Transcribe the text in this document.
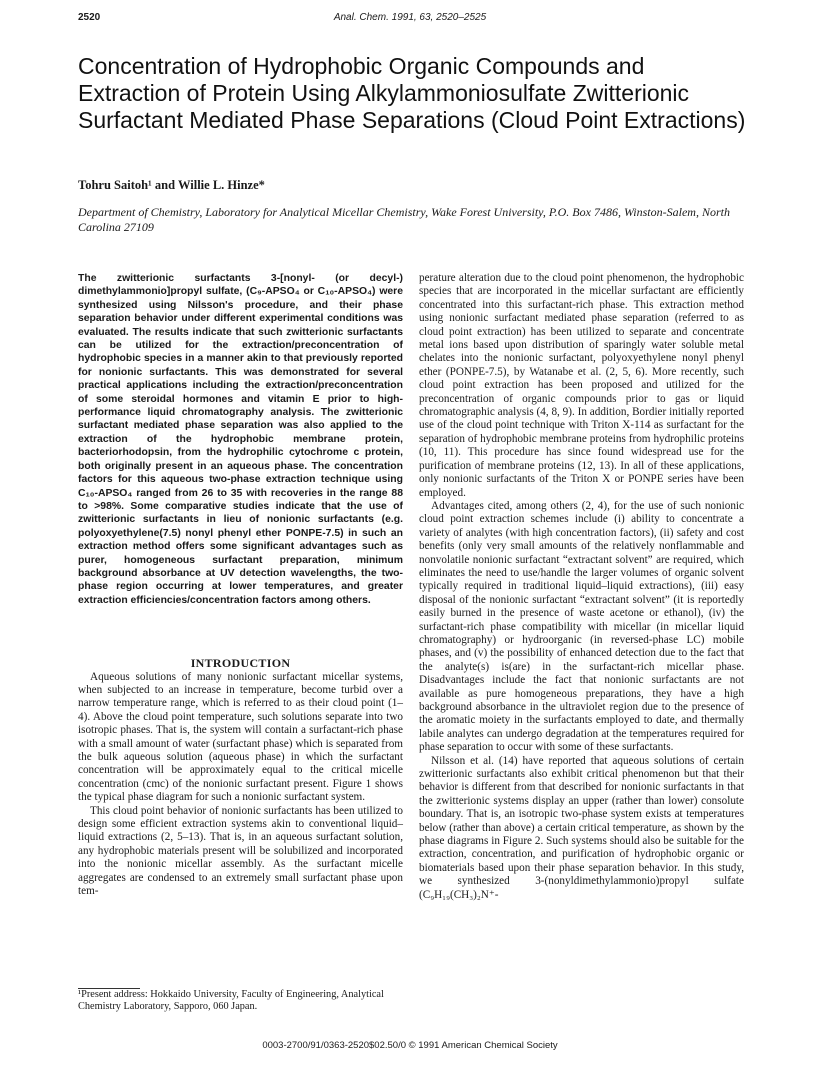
2520	Anal. Chem. 1991, 63, 2520–2525
Concentration of Hydrophobic Organic Compounds and Extraction of Protein Using Alkylammoniosulfate Zwitterionic Surfactant Mediated Phase Separations (Cloud Point Extractions)
Tohru Saitoh¹ and Willie L. Hinze*
Department of Chemistry, Laboratory for Analytical Micellar Chemistry, Wake Forest University, P.O. Box 7486, Winston-Salem, North Carolina 27109

The zwitterionic surfactants 3-[nonyl- (or decyl-) dimethylammonio]propyl sulfate, (C₉-APSO₄ or C₁₀-APSO₄) were synthesized using Nilsson's procedure, and their phase separation behavior under different experimental conditions was evaluated. The results indicate that such zwitterionic surfactants can be utilized for the extraction/preconcentration of hydrophobic species in a manner akin to that previously reported for nonionic surfactants. This was demonstrated for several practical applications including the extraction/preconcentration of some steroidal hormones and vitamin E prior to high-performance liquid chromatography analysis. The zwitterionic surfactant mediated phase separation was also applied to the extraction of the hydrophobic membrane protein, bacteriorhodopsin, from the hydrophilic cytochrome c protein, both originally present in an aqueous phase. The concentration factors for this aqueous two-phase extraction technique using C₁₀-APSO₄ ranged from 26 to 35 with recoveries in the range 88 to >98%. Some comparative studies indicate that the use of zwitterionic surfactants in lieu of nonionic surfactants (e.g. polyoxyethylene(7.5) nonyl phenyl ether PONPE-7.5) in such an extraction method offers some significant advantages such as purer, homogeneous surfactant preparation, minimum background absorbance at UV detection wavelengths, the two-phase region occurring at lower temperatures, and greater extraction efficiencies/concentration factors among others.

INTRODUCTION

Aqueous solutions of many nonionic surfactant micellar systems, when subjected to an increase in temperature, become turbid over a narrow temperature range, which is referred to as their cloud point (1–4). Above the cloud point temperature, such solutions separate into two isotropic phases. That is, the system will contain a surfactant-rich phase with a small amount of water (surfactant phase) which is separated from the bulk aqueous solution (aqueous phase) in which the surfactant concentration will be approximately equal to the critical micelle concentration (cmc) of the nonionic surfactant present. Figure 1 shows the typical phase diagram for such a nonionic surfactant system.

This cloud point behavior of nonionic surfactants has been utilized to design some efficient extraction systems akin to conventional liquid–liquid extractions (2, 5–13). That is, in an aqueous surfactant solution, any hydrophobic materials present will be solubilized and incorporated into the nonionic micellar assembly. As the surfactant micelle aggregates are condensed to an extremely small surfactant phase upon tem-

perature alteration due to the cloud point phenomenon, the hydrophobic species that are incorporated in the micellar surfactant are efficiently concentrated into this surfactant-rich phase. This extraction method using nonionic surfactant mediated phase separation (referred to as cloud point extraction) has been utilized to separate and concentrate metal ions based upon distribution of sparingly water soluble metal chelates into the nonionic surfactant, polyoxyethylene nonyl phenyl ether (PONPE-7.5), by Watanabe et al. (2, 5, 6). More recently, such cloud point extraction has been proposed and utilized for the preconcentration of organic compounds prior to gas or liquid chromatographic analysis (4, 8, 9). In addition, Bordier initially reported use of the cloud point technique with Triton X-114 as surfactant for the separation of hydrophobic membrane proteins from hydrophilic proteins (10, 11). This procedure has since found widespread use for the purification of membrane proteins (12, 13). In all of these applications, only nonionic surfactants of the Triton X or PONPE series have been employed.

Advantages cited, among others (2, 4), for the use of such nonionic cloud point extraction schemes include (i) ability to concentrate a variety of analytes (with high concentration factors), (ii) safety and cost benefits (only very small amounts of the relatively nonflammable and nonvolatile nonionic surfactant “extractant solvent” are required, which eliminates the need to use/handle the larger volumes of organic solvent typically required in traditional liquid–liquid extractions), (iii) easy disposal of the nonionic surfactant “extractant solvent” (it is reportedly easily burned in the presence of waste acetone or ethanol), (iv) the surfactant-rich phase compatibility with micellar (in micellar liquid chromatography) or hydroorganic (in reversed-phase LC) mobile phases, and (v) the possibility of enhanced detection due to the fact that the analyte(s) is(are) in the surfactant-rich micellar phase. Disadvantages include the fact that nonionic surfactants are not available as pure homogeneous preparations, they have a high background absorbance in the ultraviolet region due to the presence of the aromatic moiety in the surfactants employed to date, and thermally labile analytes can undergo degradation at the temperatures required for phase separation to occur with some of these surfactants.

Nilsson et al. (14) have reported that aqueous solutions of certain zwitterionic surfactants also exhibit critical phenomenon but that their behavior is different from that described for nonionic surfactants in that the zwitterionic systems display an upper (rather than lower) consolute boundary. That is, an isotropic two-phase system exists at temperatures below (rather than above) a certain critical temperature, as shown by the phase diagrams in Figure 2. Such systems should also be suitable for the extraction, concentration, and purification of hydrophobic organic or biomaterials based upon their phase separation behavior. In this study, we synthesized 3-(nonyldimethylammonio)propyl sulfate (C₉H₁₉(CH₃)₂N⁺-

¹Present address: Hokkaido University, Faculty of Engineering, Analytical Chemistry Laboratory, Sapporo, 060 Japan.
0003-2700/91/0363-2520$02.50/0 © 1991 American Chemical Society
